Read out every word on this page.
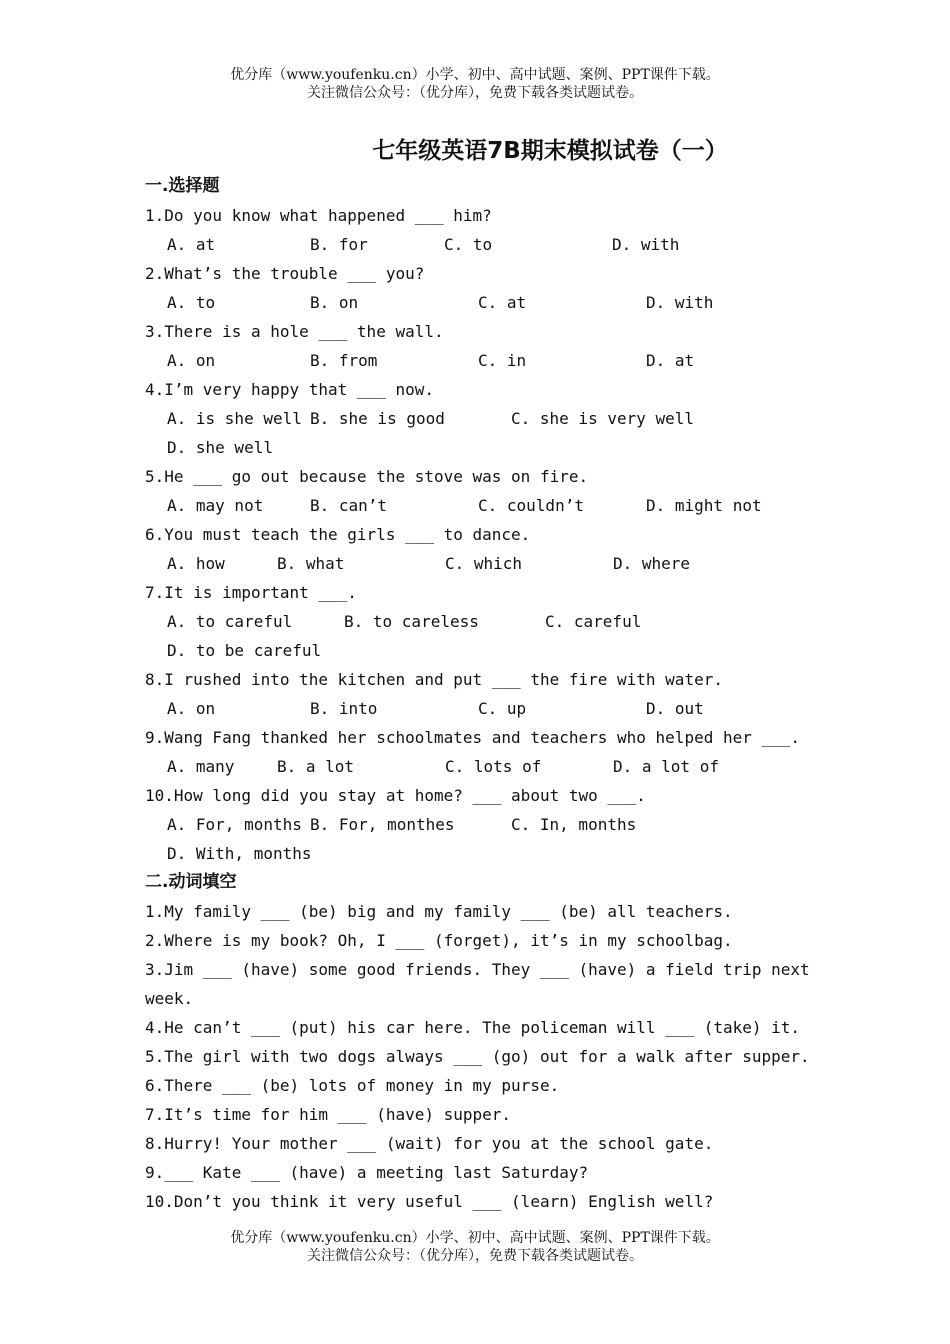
优分库（www.youfenku.cn）小学、初中、高中试题、案例、PPT课件下载。
关注微信公众号：（优分库），免费下载各类试题试卷。
七年级英语7B期末模拟试卷（一）
一.选择题
1.Do you know what happened ___ him?
A. at	B. for	C. to	D. with
2.What’s the trouble ___ you?
A. to	B. on	C. at	D. with
3.There is a hole ___ the wall.
A. on	B. from	C. in	D. at
4.I’m very happy that ___ now.
A. is she well B. she is good	C. she is very well
D. she well
5.He ___ go out because the stove was on fire.
A. may not	B. can’t	C. couldn’t	D. might not
6.You must teach the girls ___ to dance.
A. how	B. what	C. which	D. where
7.It is important ___.
A. to careful	B. to careless	C. careful
D. to be careful
8.I rushed into the kitchen and put ___ the fire with water.
A. on	B. into	C. up	D. out
9.Wang Fang thanked her schoolmates and teachers who helped her ___.
A. many	B. a lot	C. lots of	D. a lot of
10.How long did you stay at home? ___ about two ___.
A. For, months B. For, monthes	C. In, months
D. With, months
二.动词填空
1.My family ___ (be) big and my family ___ (be) all teachers.
2.Where is my book? Oh, I ___ (forget), it’s in my schoolbag.
3.Jim ___ (have) some good friends. They ___ (have) a field trip next week.
4.He can’t ___ (put) his car here. The policeman will ___ (take) it.
5.The girl with two dogs always ___ (go) out for a walk after supper.
6.There ___ (be) lots of money in my purse.
7.It’s time for him ___ (have) supper.
8.Hurry! Your mother ___ (wait) for you at the school gate.
9.___ Kate ___ (have) a meeting last Saturday?
10.Don’t you think it very useful ___ (learn) English well?
优分库（www.youfenku.cn）小学、初中、高中试题、案例、PPT课件下载。
关注微信公众号：（优分库），免费下载各类试题试卷。
